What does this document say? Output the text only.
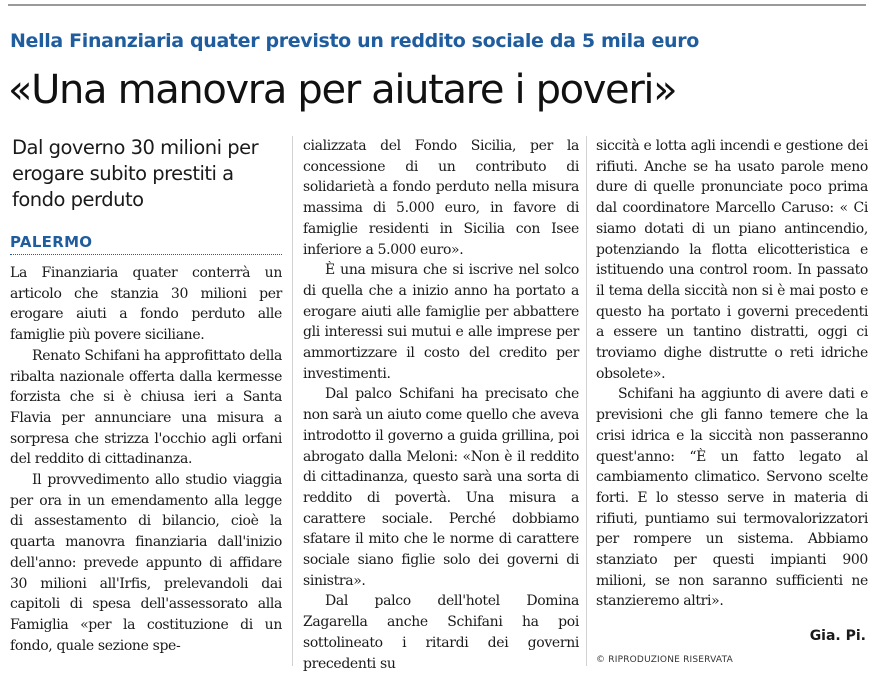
Nella Finanziaria quater previsto un reddito sociale da 5 mila euro
«Una manovra per aiutare i poveri»
Dal governo 30 milioni per erogare subito prestiti a fondo perduto
PALERMO

La Finanziaria quater conterrà un articolo che stanzia 30 milioni per erogare aiuti a fondo perduto alle famiglie più povere siciliane.

Renato Schifani ha approfittato della ribalta nazionale offerta dalla kermesse forzista che si è chiusa ieri a Santa Flavia per annunciare una misura a sorpresa che strizza l'occhio agli orfani del reddito di cittadinanza.

Il provvedimento allo studio viaggia per ora in un emendamento alla legge di assestamento di bilancio, cioè la quarta manovra finanziaria dall'inizio dell'anno: prevede appunto di affidare 30 milioni all'Irfis, prelevandoli dai capitoli di spesa dell'assessorato alla Famiglia «per la costituzione di un fondo, quale sezione spe-

cializzata del Fondo Sicilia, per la concessione di un contributo di solidarietà a fondo perduto nella misura massima di 5.000 euro, in favore di famiglie residenti in Sicilia con Isee inferiore a 5.000 euro».

È una misura che si iscrive nel solco di quella che a inizio anno ha portato a erogare aiuti alle famiglie per abbattere gli interessi sui mutui e alle imprese per ammortizzare il costo del credito per investimenti.

Dal palco Schifani ha precisato che non sarà un aiuto come quello che aveva introdotto il governo a guida grillina, poi abrogato dalla Meloni: «Non è il reddito di cittadinanza, questo sarà una sorta di reddito di povertà. Una misura a carattere sociale. Perché dobbiamo sfatare il mito che le norme di carattere sociale siano figlie solo dei governi di sinistra».

Dal palco dell'hotel Domina Zagarella anche Schifani ha poi sottolineato i ritardi dei governi precedenti su

siccità e lotta agli incendi e gestione dei rifiuti. Anche se ha usato parole meno dure di quelle pronunciate poco prima dal coordinatore Marcello Caruso: « Ci siamo dotati di un piano antincendio, potenziando la flotta elicotteristica e istituendo una control room. In passato il tema della siccità non si è mai posto e questo ha portato i governi precedenti a essere un tantino distratti, oggi ci troviamo dighe distrutte o reti idriche obsolete».

Schifani ha aggiunto di avere dati e previsioni che gli fanno temere che la crisi idrica e la siccità non passeranno quest'anno: “È un fatto legato al cambiamento climatico. Servono scelte forti. E lo stesso serve in materia di rifiuti, puntiamo sui termovalorizzatori per rompere un sistema. Abbiamo stanziato per questi impianti 900 milioni, se non saranno sufficienti ne stanzieremo altri».

Gia. Pi.
© RIPRODUZIONE RISERVATA
